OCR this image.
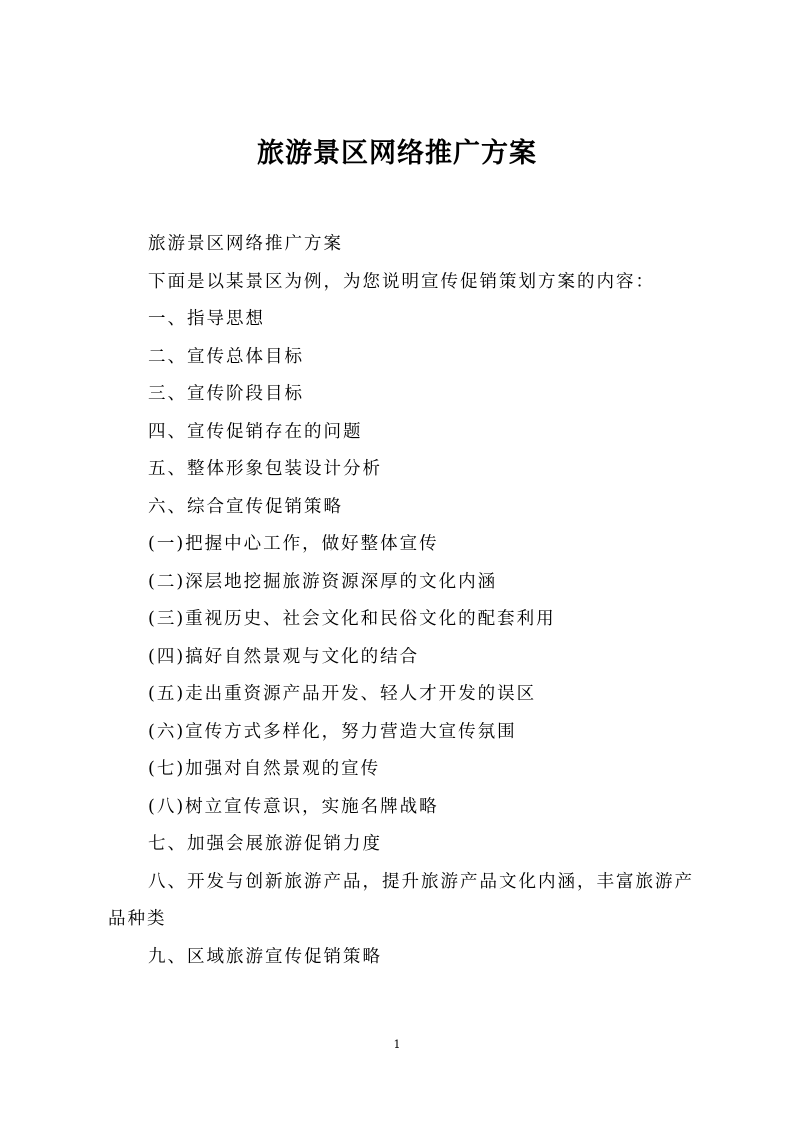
旅游景区网络推广方案

旅游景区网络推广方案

下面是以某景区为例，为您说明宣传促销策划方案的内容：

一、指导思想

二、宣传总体目标

三、宣传阶段目标

四、宣传促销存在的问题

五、整体形象包装设计分析

六、综合宣传促销策略

(一)把握中心工作，做好整体宣传

(二)深层地挖掘旅游资源深厚的文化内涵

(三)重视历史、社会文化和民俗文化的配套利用

(四)搞好自然景观与文化的结合

(五)走出重资源产品开发、轻人才开发的误区

(六)宣传方式多样化，努力营造大宣传氛围

(七)加强对自然景观的宣传

(八)树立宣传意识，实施名牌战略

七、加强会展旅游促销力度

八、开发与创新旅游产品，提升旅游产品文化内涵，丰富旅游产品种类

九、区域旅游宣传促销策略

1
